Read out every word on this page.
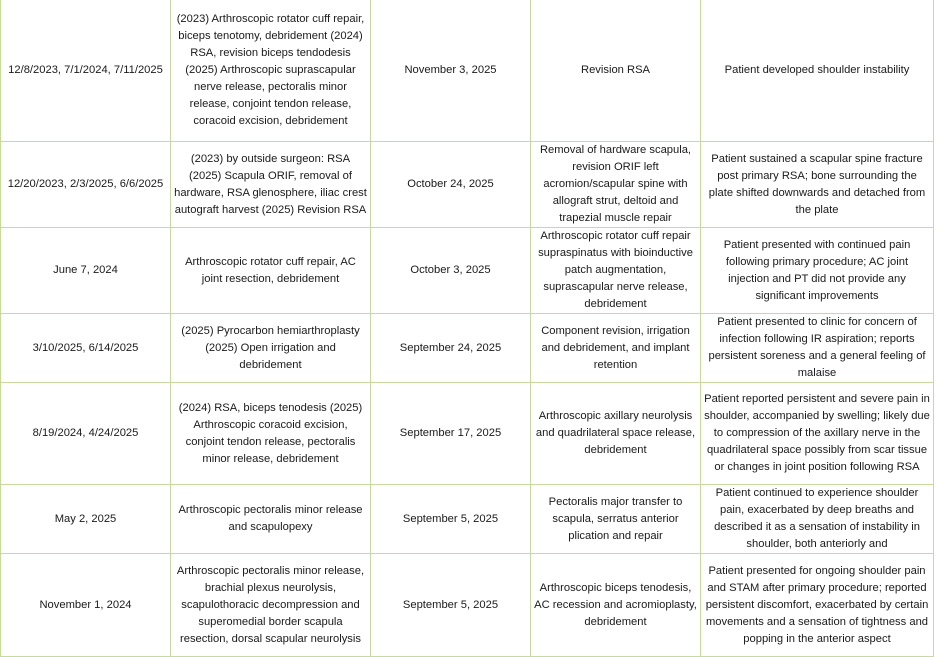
12/8/2023, 7/1/2024, 7/11/2025	(2023) Arthroscopic rotator cuff repair, biceps tenotomy, debridement (2024) RSA, revision biceps tendodesis (2025) Arthroscopic suprascapular nerve release, pectoralis minor release, conjoint tendon release, coracoid excision, debridement	November 3, 2025	Revision RSA	Patient developed shoulder instability
12/20/2023, 2/3/2025, 6/6/2025	(2023) by outside surgeon: RSA (2025) Scapula ORIF, removal of hardware, RSA glenosphere, iliac crest autograft harvest (2025) Revision RSA	October 24, 2025	Removal of hardware scapula, revision ORIF left acromion/scapular spine with allograft strut, deltoid and trapezial muscle repair	Patient sustained a scapular spine fracture post primary RSA; bone surrounding the plate shifted downwards and detached from the plate
June 7, 2024	Arthroscopic rotator cuff repair, AC joint resection, debridement	October 3, 2025	Arthroscopic rotator cuff repair supraspinatus with bioinductive patch augmentation, suprascapular nerve release, debridement	Patient presented with continued pain following primary procedure; AC joint injection and PT did not provide any significant improvements
3/10/2025, 6/14/2025	(2025) Pyrocarbon hemiarthroplasty (2025) Open irrigation and debridement	September 24, 2025	Component revision, irrigation and debridement, and implant retention	Patient presented to clinic for concern of infection following IR aspiration; reports persistent soreness and a general feeling of malaise
8/19/2024, 4/24/2025	(2024) RSA, biceps tenodesis (2025) Arthroscopic coracoid excision, conjoint tendon release, pectoralis minor release, debridement	September 17, 2025	Arthroscopic axillary neurolysis and quadrilateral space release, debridement	Patient reported persistent and severe pain in shoulder, accompanied by swelling; likely due to compression of the axillary nerve in the quadrilateral space possibly from scar tissue or changes in joint position following RSA
May 2, 2025	Arthroscopic pectoralis minor release and scapulopexy	September 5, 2025	Pectoralis major transfer to scapula, serratus anterior plication and repair	Patient continued to experience shoulder pain, exacerbated by deep breaths and described it as a sensation of instability in shoulder, both anteriorly and
November 1, 2024	Arthroscopic pectoralis minor release, brachial plexus neurolysis, scapulothoracic decompression and superomedial border scapula resection, dorsal scapular neurolysis	September 5, 2025	Arthroscopic biceps tenodesis, AC recession and acromioplasty, debridement	Patient presented for ongoing shoulder pain and STAM after primary procedure; reported persistent discomfort, exacerbated by certain movements and a sensation of tightness and popping in the anterior aspect
